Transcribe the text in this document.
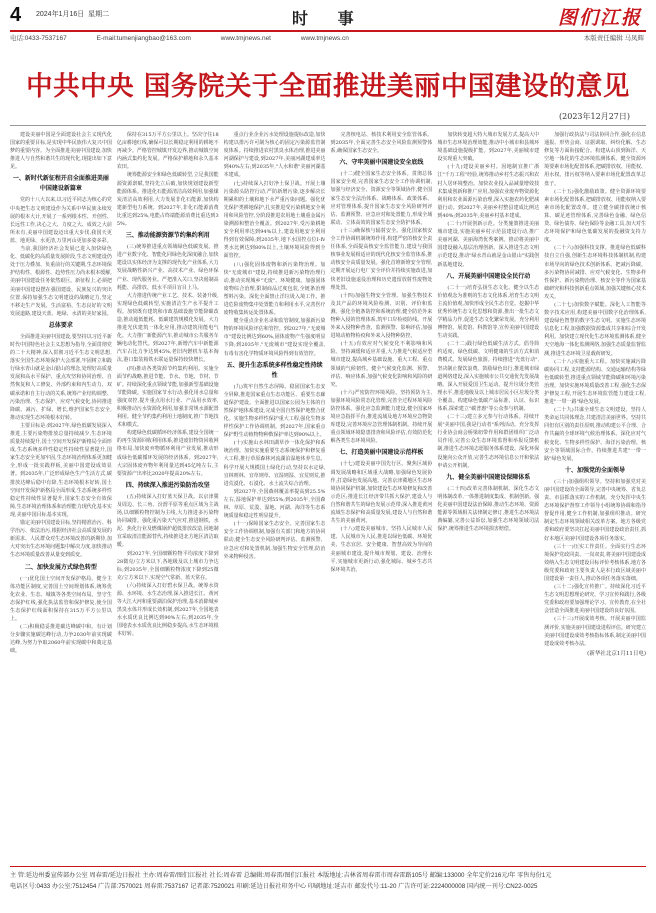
4 2024年1月16日 星期二	时 事	图们江报
电话:0433-7537167	E-mail:tumenjiangbao@163.com	www.tmjnews.net	www.tmjnews.cn	本版责任编辑 马凤辉
中共中央 国务院关于全面推进美丽中国建设的意见
(2023年12月27日)

建设美丽中国是全面建设社会主义现代化国家的重要目标,是实现中华民族伟大复兴中国梦的重要内容。为全面推进美丽中国建设,加快推进人与自然和谐共生的现代化,现提出如下意见。

一、新时代新征程开启全面推进美丽中国建设新篇章

党的十八大以来,以习近平同志为核心的党中央把生态文明建设作为关系中华民族永续发展的根本大计,开展了一系列根本性、开创性、长远性工作,决心之大、力度之大、成效之大前所未有,美丽中国建设迈出重大步伐,我国天更蓝、地更绿、水更清,万里河山更加多姿多彩。

当前,我国经济社会发展已进入加快绿色化、低碳化的高质量发展阶段,生态文明建设仍处于压力叠加、负重前行的关键期,生态环境保护结构性、根源性、趋势性压力尚未根本缓解,美丽中国建设任务依然艰巨。新征程上,必须把美丽中国建设摆在强国建设、民族复兴的突出位置,保持加强生态文明建设的战略定力,坚定不移走生产发展、生活富裕、生态良好的文明发展道路,建设天蓝、地绿、水清的美好家园。

总体要求

全面推进美丽中国建设,要坚持以习近平新时代中国特色社会主义思想为指导,全面贯彻党的二十大精神,深入贯彻习近平生态文明思想,落实全国生态环境保护大会部署,牢固树立和践行绿水青山就是金山银山的理念,处理好高质量发展和高水平保护、重点攻坚和协同治理、自然恢复和人工修复、外部约束和内生动力、双碳承诺和自主行动的关系,统筹产业结构调整、污染治理、生态保护、应对气候变化,协同推进降碳、减污、扩绿、增长,维护国家生态安全,推动实现生态环境根本好转。

主要目标是:到2027年,绿色低碳发展深入推进,主要污染物排放总量持续减少,生态环境质量持续提升,国土空间开发保护新格局全面形成,生态系统多样性稳定性持续性显著提升,国家生态安全更加牢固,生态环境治理体系更加健全,形成一批实践样板,美丽中国建设成效显著。到2035年,广泛形成绿色生产生活方式,碳排放达峰后稳中有降,生态环境根本好转,国土空间开发保护新格局全面形成,生态系统多样性稳定性持续性显著提升,国家生态安全有效保障,生态环境治理体系和治理能力现代化基本实现,美丽中国目标基本实现。

锚定美丽中国建设目标,坚持精准治污、科学治污、依法治污,根据经济社会高质量发展的新需求、人民群众对生态环境改善的新期待,加大对突出生态环境问题集中解决力度,加快推动生态环境质量改善从量变到质变。

二、加快发展方式绿色转型

(一)优化国土空间开发保护格局。健全主体功能区制度,完善国土空间规划体系,统筹优化农业、生态、城镇等各类空间布局。坚守生态保护红线,强化执法监管和保护修复,使全国生态保护红线面积保持在315万平方公里以上。

(二)积极稳妥推进碳达峰碳中和。有计划分步骤实施碳达峰行动,力争2030年前实现碳达峰,为努力争取2060年前实现碳中和奠定基础。

保持在315万平方公里以上。坚决守住18亿亩耕地红线,确保可以长期稳定利用的耕地不再减少。严格管控城镇开发边界,推动城镇空间内涵式集约化发展。严格保护耕地和永久基本农田。

统筹能源安全和绿色低碳转型,立足我国能源资源禀赋,坚持先立后破,加快规划建设新型能源体系。推进化石能源清洁高效利用,加强煤炭清洁高效利用,大力发展非化石能源,加快构建新型电力系统。到2027年,非化石能源消费比重达到25%,电能占终端能源消费比重达到35%。

三、推动能源资源节约集约利用

(三)统筹推进重点领域绿色低碳发展。推进产业数字化、智能化同绿色化深度融合,加快建设以实体经济为支撑的现代化产业体系,大力发展战略性新兴产业、高技术产业、绿色环保产业、现代服务业。严把准入关口,坚决遏制高耗能、高排放、低水平项目盲目上马。

大力推进传统产业工艺、技术、装备升级,实现绿色低碳转型,实施清洁生产水平提升工程。加快既有建筑和市政基础设施节能降碳改造,推动超低能耗、低碳建筑规模化发展。大力推进光伏建筑一体化应用,推动建筑用能电气化。大力推广新能源汽车,推动城市公共服务车辆电动化替代。到2027年,新增汽车中新能源汽车占比力争达到45%,老旧内燃机车基本淘汰,港口集装箱铁水联运量保持较快增长。

(四)推动各类资源节约集约利用。实施全面节约战略,推进节能、节水、节地、节材、节矿。持续深化重点领域节能,加强新型基础设施节能降碳。实施国家节水行动,强化用水总量和强度双控,提升重点用水行业、产品用水效率,积极推动污水资源化利用,加强非常规水源配置利用。健全节约集约利用土地制度,推广节地技术和模式。

构建绿色低碳循环经济体系,建设全国统一的再生资源回收利用体系,推进废旧物资回收网络布局,加快废弃物循环利用产业发展,推动形成绿色低碳循环发展的经济体系。到2027年,大宗固体废弃物年利用量达到45亿吨左右,主要资源产出率比2020年提高20%左右。

四、持续深入推进污染防治攻坚

(五)持续深入打好蓝天保卫战。以京津冀及周边、长三角、汾渭平原等重点区域为主战场,以细颗粒物控制为主线,大力推进多污染物协同减排。强化重污染天气应对,推进钢铁、水泥、焦化行业及燃煤锅炉超低排放改造,因地制宜采取清洁能源替代,持续推进北方地区清洁取暖。

到2027年,全国细颗粒物平均浓度下降到28微克/立方米以下,各地级及以上城市力争达标;到2035年,全国细颗粒物浓度下降到25微克/立方米以下,实现空气常新、蓝天常在。

(六)持续深入打好碧水保卫战。统筹水资源、水环境、水生态治理,深入推进长江、黄河等大江大河和重要湖泊保护治理,基本消除城乡黑臭水体并形成长效机制,到2027年,全国地表水水质优良比例达到90%左右;到2035年,全国地表水水质优良比例稳步提高,水生态环境根本好转。

重点行业企业污水处理设施提标改造,加快构建以排污许可制为核心的固定污染源监管制度体系。持续推进农村黑臭水体治理,推进美丽河湖保护与建设,到2027年,美丽河湖建成率达到40%左右;到2035年,"人水和谐"美丽河湖基本建成。

(七)持续深入打好净土保卫战。开展土壤污染源头防控行动,严防新增污染,逐步解决长期累积的土壤和地下水严重污染问题。强化优先保护类耕地保护,扎实推进受污染耕地安全利用和风险管控,分阶段推进农用地土壤重金属污染溯源和整治全覆盖。到2027年,受污染耕地安全利用率达到94%以上,建设用地安全利用得到有效保障;到2035年,地下水国控点位Ⅰ-Ⅳ类水比例达到80%以上,土壤环境风险得到全面管控。

(八)强化固体废物和新污染物治理。加快"无废城市"建设,持续推进新污染物治理行动,推动实现城乡"无废"、环境健康。加强固体废物综合治理,限制商品过度包装,全链条治理塑料污染。深化全面禁止洋垃圾入境工作。推进危险废物集中处置能力和利用水平,完善医疗废物收集转运处置体系。

健全重点企业名录和监管制度,加强新污染物的环境风险评估和管控。到2027年,"无废城市"建设比例达到60%,固体废物产生强度明显下降;到2035年,"无废城市"建设实现全覆盖,有毒有害化学物质环境风险得到有效管控。

五、提升生态系统多样性稳定性持续性

(九)筑牢自然生态屏障。稳固国家生态安全屏障,推进国家重点生态功能区、重要生态廊道保护建设。全面推进以国家公园为主体的自然保护地体系建设,完成全国自然保护地整合优化。实施生物多样性保护重大工程,强化生物多样性保护工作协调机制。到2027年,国家重点保护野生动植物物种数保护率达到90%以上。

(十)实施山水林田湖草沙一体化保护和系统治理。加快实施重要生态系统保护和修复重大工程,推行草原森林河流湖泊湿地休养生息。科学开展大规模国土绿化行动,坚持以水定绿,宜林则林、宜草则草、宜湿则湿、宜荒则荒,推进荒漠化、石漠化、水土流失综合治理。

到2027年,全国森林覆盖率提高到25.5%左右,湿地保护率达到55%;到2035年,全国森林、草原、荒漠、湿地、河湖、海洋等生态系统质量和稳定性明显提升。

(十一)保障国家生态安全。完善国家生态安全工作协调机制,加强有关部门和地方的协同联动,健全生态安全风险研判评估、监测预警、应急应对和处置机制,加强生物安全管理,防治外来物种侵害。

完善核电站、核技术利用安全监管体系。到2035年,全面完善生态安全风险监测预警体系,确保国家生态安全。

六、守牢美丽中国建设安全底线

(十二)健全国家生态安全体系。贯彻总体国家安全观,完善国家生态安全工作协调机制,加强与经济安全、资源安全等领域协作,健全国家生态安全法治体系、战略体系、政策体系、应对管理体系,提升国家生态安全风险研判评估、监测预警、应急应对和处置能力,形成全域联动、立体高效的国家生态安全防护体系。

(十三)确保核与辐射安全。强化国家核安全工作协调机制统筹作用,构建严密的核安全责任体系,全面提高核安全监管能力,建设与我国核事业发展相适应的现代化核安全监管体系,推动核安全高质量发展。强化首堆新堆安全管理,定期开展运行电厂安全评价并持续实施改进,加快老旧设施退役治理和历史遗留放射性废物处理处置。

(十四)加强生物安全管理。加强生物技术及其产品的环境风险检测、识别、评价和监测。强化全链条防控和系统治理,健全防范外来物种入侵的管理体系,筑牢口岸检疫防线。开展外来入侵物种普查、监测预警、影响评估,加强进境动植物检疫和外来入侵物种防控。

(十五)有效应对气候变化不利影响和风险。坚持减缓和适应并重,大力推进气候适应型城市建设,提高城乡基础设施、重大工程、重点领域的气候韧性。健全气候变化监测、预警、评估、响应体系,加强气候变化影响和风险的研究。

(十六)严密防控环境风险。坚持预防为主,加强环境风险常态化管理,完善全过程环境风险防控体系。强化应急监测能力建设,健全国家环境应急指挥平台,推进流域及地方环境应急物资库建设,完善环境应急管理体制机制。持续开展重点领域环境隐患排查和风险评估,有效防范化解各类生态环境风险。

七、打造美丽中国建设示范样板

(十七)建设美丽中国先行区。聚焦区域协调发展战略和区域重大战略,加强绿色发展协作,打造绿色发展高地。完善京津冀地区生态环境协同保护机制,加快建设生态环境修复和改善示范区;推进长江经济带共抓大保护,建设人与自然和谐共生的绿色发展示范带;深入推进黄河流域生态保护和高质量发展,建设人与自然和谐共生的美丽黄河。

(十八)建设美丽城市。坚持人民城市人民建、人民城市为人民,推进以绿色低碳、环境优美、生态宜居、安全健康、智慧高效为导向的美丽城市建设,提升城市规划、建设、治理水平,实施城市更新行动,强化城际、城乡生态共保环境共治。

加快转变超大特大城市发展方式,提高大中城市生态环境治理效能,推动中小城市和县城环境基础设施提级扩能。到2027年,美丽城市建设实现重大突破。

(十九)建设美丽乡村。因地制宜推广浙江"千万工程"经验,统筹推动乡村生态振兴和农村人居环境整治。加快农业投入品减量增效技术集成创新和推广应用,加强农业废弃物资源化利用和农业面源污染治理,深入实施农药化肥减量行动。到2027年,美丽乡村整县建成比例达到40%;到2035年,美丽乡村基本建成。

(二十)开展创新示范。分类施策推进美丽城市建设,实施美丽乡村示范县建设行动,推广美丽河湖、美丽海湾优秀案例。推动将美丽中国建设融入基层治理创新。深入推进生态文明示范建设,推动"绿水青山就是金山银山"实践创新基地建设。

八、开展美丽中国建设全民行动

(二十一)培育弘扬生态文化。健全以生态价值观念为准则的生态文化体系,培育生态文明主流价值观,加快形成全民生态自觉。挖掘中华优秀传统生态文化思想和资源,推出一批生态文学精品力作,促进生态文化繁荣发展。充分利用博物馆、展览馆、科教馆等,宣传美丽中国建设生动实践。

(二十二)践行绿色低碳生活方式。倡导简约适度、绿色低碳、文明健康的生活方式和消费模式。发展绿色旅游。持续推进"光盘行动",坚决制止餐饮浪费。鼓励绿色出行,推进城市绿道网络建设,深入实施城市公共交通优先发展战略。深入开展爱国卫生运动。提升垃圾分类管理水平,推进地级及以上城市居民小区垃圾分类全覆盖。构建绿色低碳产品标准、认证、标识体系,探索建立"碳普惠"等公众参与机制。

(二十三)建立多元参与行动体系。持续开展"美丽中国,我是行动者"系列活动。充分发挥行业协会商会桥梁纽带作用和群团组织广泛动员作用,完善公众生态环境监督和举报反馈机制,推进生态环境志愿服务体系建设。深化环保设施向公众开放,完善生态环境信息公开和依法申请公开机制。

九、健全美丽中国建设保障体系

(二十四)改革完善体制机制。深化生态文明体制改革,一体推进制度集成、机制创新。强化美丽中国建设法治保障,推动生态环境、资源能源等领域相关法律制定修订,推进生态环境法典编纂,完善公益诉讼,加强生态环境领域司法保护,统筹推进生态环境损害赔偿。

加强行政执法与司法协同合作,强化在信息通报、形势会商、证据调取、纠纷化解、生态修复等方面衔接配合。构建从山顶到海洋、天空地一体化的生态环境监测体系。健全资源环境要素市场化配置体系,把碳排放权、用能权、用水权、排污权等纳入要素市场化配置改革总盘子。

(二十五)强化激励政策。健全资源环境要素市场化配置体系,把碳排放权、用能权纳入要素市场化配置改革。建立健全碳排放统计核算、碳足迹管理体系,完善绿色金融、绿色信贷、绿色债券、绿色保险等金融工具,加大对生态环境保护和绿色低碳发展的投融资支持力度。

(二十六)加强科技支撑。推进绿色低碳科技自立自强,创新生态环境科技体制机制,构建市场导向的绿色技术创新体系。把减污降碳、多污染物协同减排、应对气候变化、生物多样性保护、新污染物治理、核安全等作为国家基础研究和科技创新重点领域,加强关键核心技术攻关。

(二十七)加快数字赋能。深化人工智能等数字技术应用,构建美丽中国数字化治理体系,建设绿色智慧的数字生态文明。实施生态环境信息化工程,加强数据资源集成共享和综合开发利用。加快建立现代化生态环境监测体系,健全天空地海一体化监测网络,加强生态质量监督监测,推进生态环境卫星载荷研发。

(二十八)实施重大工程。加快实施减污降碳协同工程,支持能源结构、交通运输结构等绿色低碳转型,推进重点领域节能降碳和环境污染治理。加快实施环境质量改善工程,强化生态保护修复工程,开展生态环境监管能力建设工程,推进"一带一路"绿色发展。

(二十九)共谋全球生态文明建设。坚持人类命运共同体理念,共建清洁美丽世界。坚持共同但有区别的责任原则,推动构建公平合理、合作共赢的全球环境气候治理体系。深化应对气候变化、生物多样性保护、海洋污染治理、核安全等领域国际合作。持续推进共建"一带一路"绿色发展。

十、加强党的全面领导

(三十)加强组织领导。坚持和加强党对美丽中国建设的全面领导,完善中央统筹、省负总责、市县抓落实的工作机制。充分发挥中央生态环境保护督察工作领导小组统筹协调和指导督促作用,健全工作机制,加强组织推动。研究制定生态环境领域相关改革方案。地方各级党委和政府要坚决扛起美丽中国建设政治责任,抓好本地区美丽中国建设各项任务落实。

(三十一)压实工作责任。全面实行生态环境保护党政同责、一岗双责,将美丽中国建设成效纳入生态文明建设目标评价考核体系,地方各级党委和政府主要负责人是本行政区域美丽中国建设第一责任人,推动各项任务落实落细。

(三十二)强化宣传推广。持续深化习近平生态文明思想理论研究、学习宣传和践行,各级党委和政府要加强理论学习、宣传教育,在全社会营造全面推进美丽中国建设的良好氛围。

(三十三)开展成效考核。开展美丽中国监测评价,实施美丽中国建设进程评估。研究建立美丽中国建设成效考核指标体系,制定美丽中国建设成效考核办法。

(新华社北京1月11日电)
主 管:延边州委宣传部办公室 周春雷/延边日报社 主办:周春雷/图们江报社 社长:周春雷 总编辑:周春雷/图们江报社 本版地址:吉林省周春雷市周春雷路105号 邮编:133000 全年定价216元/年 零售每份1元
电话区号:0433 办公室:7512454 广告部:7570021 周春雷:7537167 记者部:7520021 印刷:延边日报社印务中心 印刷地址:延吉市 邮发代号:11-20 广告许可证:2224000008 国内统一刊号:CN22-0025
